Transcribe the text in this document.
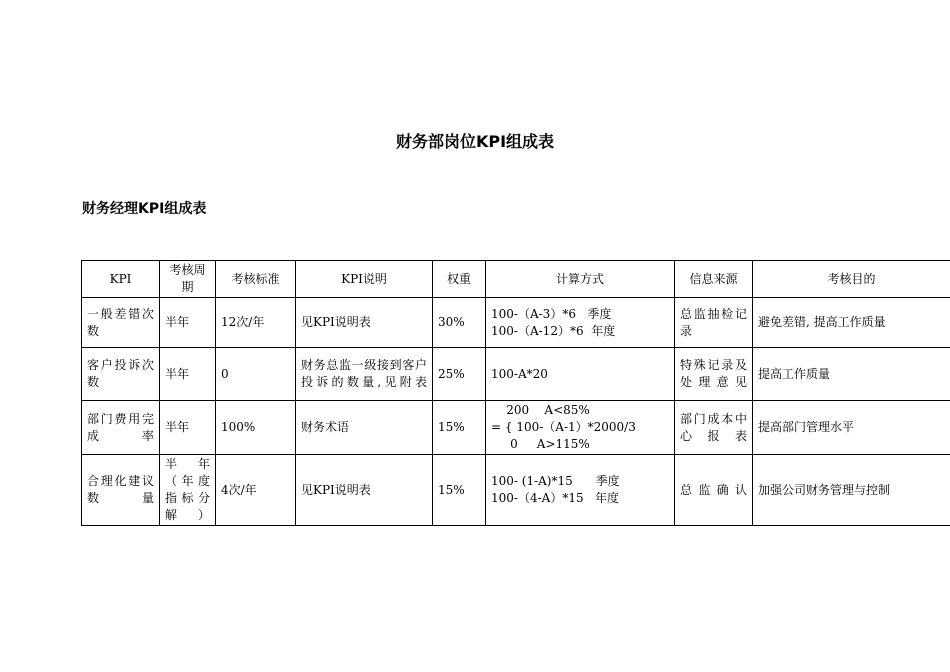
财务部岗位KPI组成表
财务经理KPI组成表
KPI	考核周期	考核标准	KPI说明	权重	计算方式	信息来源	考核目的
一般差错次数	半年	12次/年	见KPI说明表	30%	100-（A-3）*6   季度
100-（A-12）*6  年度	总监抽检记录	避免差错, 提高工作质量
客户投诉次数	半年	0	财务总监一级接到客户投诉的数量,见附表	25%	100-A*20	特殊记录及处理意见	提高工作质量
部门费用完成率	半年	100%	财务术语	15%	200    A<85%
= { 100-（A-1）*2000/3
0     A>115%	部门成本中心报表	提高部门管理水平
合理化建议数量	半年（年度指标分解）	4次/年	见KPI说明表	15%	100- (1-A)*15      季度
100-（4-A）*15   年度	总监确认	加强公司财务管理与控制
